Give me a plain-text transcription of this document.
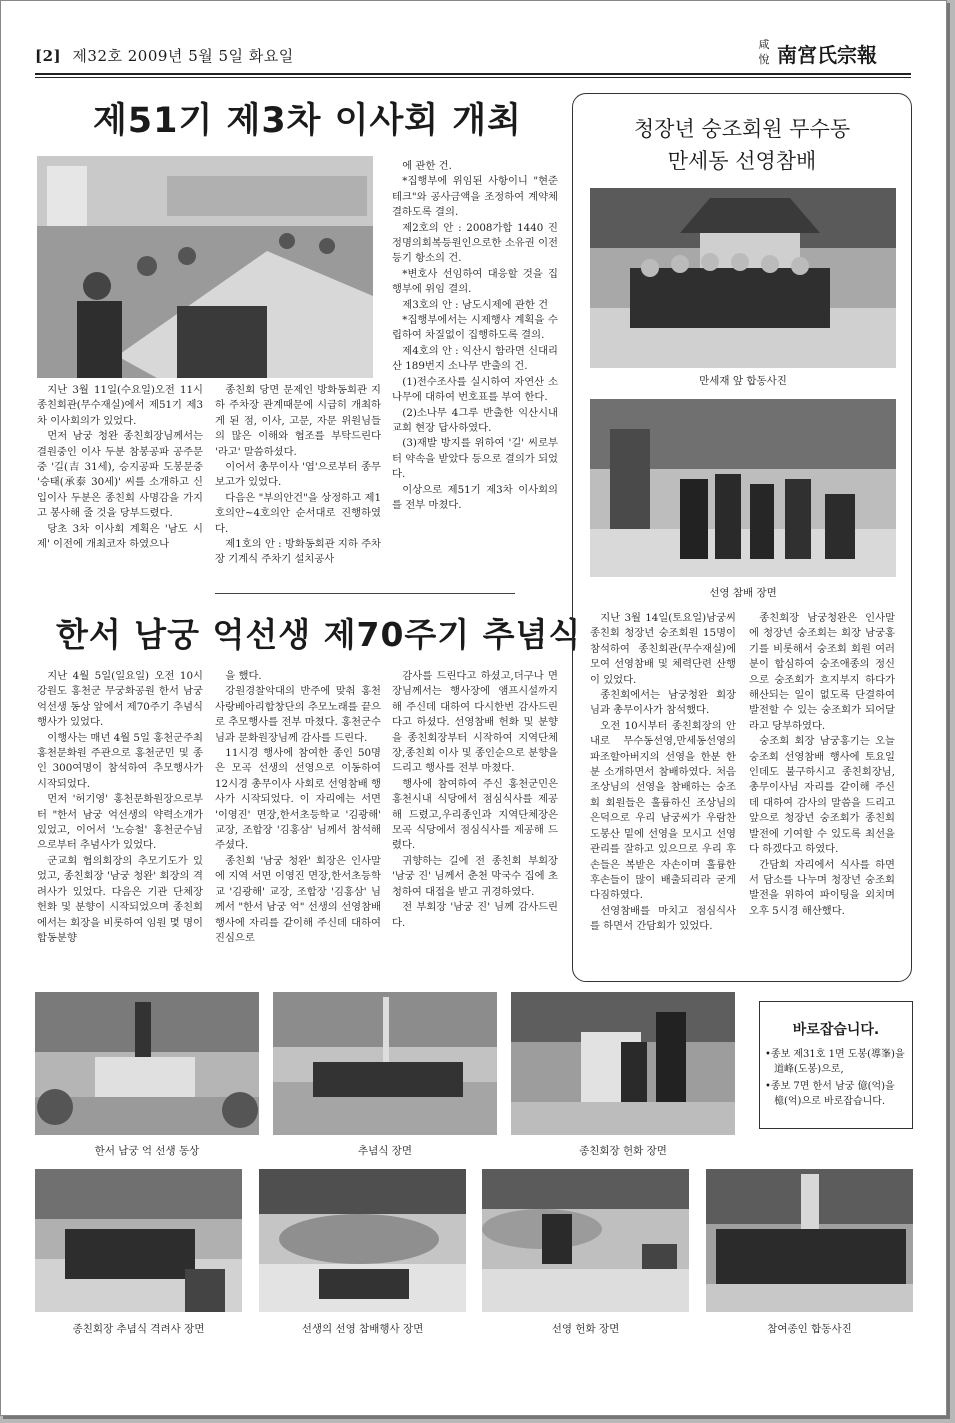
[2] 제32호 2009년 5월 5일 화요일
咸悅 南宮氏宗報
제51기 제3차 이사회 개최

지난 3월 11일(수요일)오전 11시 종친회관(무수재실)에서 제51기 제3차 이사회의가 있었다.

먼저 남궁 청완 종친회장님께서는 결원중인 이사 두분 참봉공파 공주문중 '길(吉 31세), 승지공파 도봉문중 '승태(承泰 30세)' 씨를 소개하고 신입이사 두분은 종친회 사명감을 가지고 봉사해 줄 것을 당부드렸다.

당초 3차 이사회 계획은 '남도 시제' 이전에 개최코자 하였으나

종친회 당면 문제인 방화동회관 지하 주차장 관계때문에 시급히 개최하게 된 점, 이사, 고문, 자문 위원님들의 많은 이해와 협조를 부탁드린다 '라고' 말씀하셨다.

이어서 총무이사 '엽'으로부터 종무보고가 있었다.

다음은 "부의안건"을 상정하고 제1호의안~4호의안 순서대로 진행하였다.

제1호의 안 : 방화동회관 지하 주차장 기계식 주차기 설치공사

에 관한 건.

*집행부에 위임된 사항이니 "현준테크"와 공사금액을 조정하여 계약체결하도록 결의.

제2호의 안 : 2008가합 1440 진정명의회복등원인으로한 소유권 이전등기 항소의 건.

*변호사 선임하여 대응할 것을 집행부에 위임 결의.

제3호의 안 : 남도시제에 관한 건

*집행부에서는 시제행사 계획을 수립하여 차질없이 집행하도록 결의.

제4호의 안 : 익산시 함라면 신대리 산 189번지 소나무 반출의 건.

(1)전수조사를 실시하여 자연산 소나무에 대하여 번호표를 부여 한다.

(2)소나무 4그루 반출한 익산시내 교회 현장 답사하였다.

(3)재발 방지를 위하여 '길' 씨로부터 약속을 받았다 등으로 결의가 되었다.

이상으로 제51기 제3차 이사회의를 전부 마쳤다.

한서 남궁 억선생 제70주기 추념식

지난 4월 5일(일요일) 오전 10시 강원도 홍천군 무궁화공원 한서 남궁 억선생 동상 앞에서 제70주기 추념식 행사가 있었다.

이행사는 매년 4월 5일 홍천군주최 홍천문화원 주관으로 홍천군민 및 종인 300여명이 참석하여 추모행사가 시작되었다.

먼저 '허기영' 홍천문화원장으로부터 "한서 남궁 억선생의 약력소개가 있었고, 이어서 '노승철' 홍천군수님으로부터 추념사가 있었다.

군교회 협의회장의 추모기도가 있었고, 종친회장 '남궁 청완' 회장의 격려사가 있었다. 다음은 기관 단체장 헌화 및 분향이 시작되었으며 종친회에서는 회장을 비롯하여 임원 몇 명이 합동분향

을 했다.

강원경찰악대의 반주에 맞춰 홍천사랑베아리합창단의 추모노래를 끝으로 추모행사를 전부 마쳤다. 홍천군수님과 문화원장님께 감사를 드린다.

11시경 행사에 참여한 종인 50명은 모곡 선생의 선영으로 이동하여 12시경 총무이사 사회로 선영참배 행사가 시작되었다. 이 자리에는 서면 '이영진' 면장,한서초등학교 '김광해' 교장, 조합장 '김홍삼' 님께서 참석해 주셨다.

종친회 '남궁 청완' 회장은 인사말에 지역 서면 이영진 면장,한서초등학교 '김광해' 교장, 조합장 '김홍삼' 님께서 "한서 남궁 억" 선생의 선영참배 행사에 자리를 같이해 주신데 대하여 진심으로

감사를 드린다고 하셨고,더구나 면장님께서는 행사장에 앰프시설까지 해 주신데 대하여 다시한번 감사드린다고 하셨다. 선영참배 헌화 및 분향을 종친회장부터 시작하여 지역단체장,종친회 이사 및 종인순으로 분향을 드리고 행사를 전부 마쳤다.

행사에 참여하여 주신 홍천군민은 홍천시내 식당에서 점심식사를 제공해 드렸고,우리종인과 지역단체장은 모곡 식당에서 점심식사를 제공해 드렸다.

귀향하는 길에 전 종친회 부회장 '남궁 진' 님께서 춘천 막국수 집에 초청하여 대접을 받고 귀경하였다.

전 부회장 '남궁 진' 님께 감사드린다.

청장년 숭조회원 무수동
만세동 선영참배
만세재 앞 합동사진
선영 참배 장면

지난 3월 14일(토요일)남궁씨종친회 청장년 숭조회원 15명이 참석하여 종친회관(무수재실)에 모여 선영참배 및 체력단련 산행이 있었다.

종친회에서는 남궁청완 회장님과 총무이사가 참석했다.

오전 10시부터 종친회장의 안내로 무수동선영,만세동선영의 파조할아버지의 선영을 한분 한분 소개하면서 참배하였다. 처음 조상님의 선영을 참배하는 숭조회 회원들은 훌륭하신 조상님의 은덕으로 우리 남궁씨가 우람찬 도봉산 밑에 선영을 모시고 선영관리를 잘하고 있으므로 우리 후손들은 복받은 자손이며 훌륭한 후손들이 많이 배출되리라 굳게 다짐하였다.

선영참배를 마치고 점심식사를 하면서 간담회가 있었다.

종친회장 남궁청완은 인사말에 청장년 숭조회는 회장 남궁홍기를 비롯해서 숭조회 회원 여러분이 합심하여 숭조애종의 정신으로 숭조회가 흐지부지 하다가 해산되는 일이 없도록 단결하여 발전할 수 있는 숭조회가 되어달라고 당부하였다.

숭조회 회장 남궁홍기는 오늘 숭조회 선영참배 행사에 토요일 인데도 불구하시고 종친회장님, 총무이사님 자리를 같이해 주신데 대하여 감사의 말씀을 드리고 앞으로 청장년 숭조회가 종친회 발전에 기여할 수 있도록 최선을 다 하겠다고 하였다.

간담회 자리에서 식사를 하면서 담소를 나누며 청장년 숭조회 발전을 위하여 파이팅을 외치며 오후 5시경 해산했다.

한서 남궁 억 선생 동상	추념식 장면	종친회장 헌화 장면
바로잡습니다.
•종보 제31호 1면 도봉(導峯)을 道峰(도봉)으로,
•종보 7면 한서 남궁 億(억)을 檍(억)으로 바로잡습니다.
종친회장 추념식 격려사 장면	선생의 선영 참배행사 장면	선영 헌화 장면	참여종인 합동사진
